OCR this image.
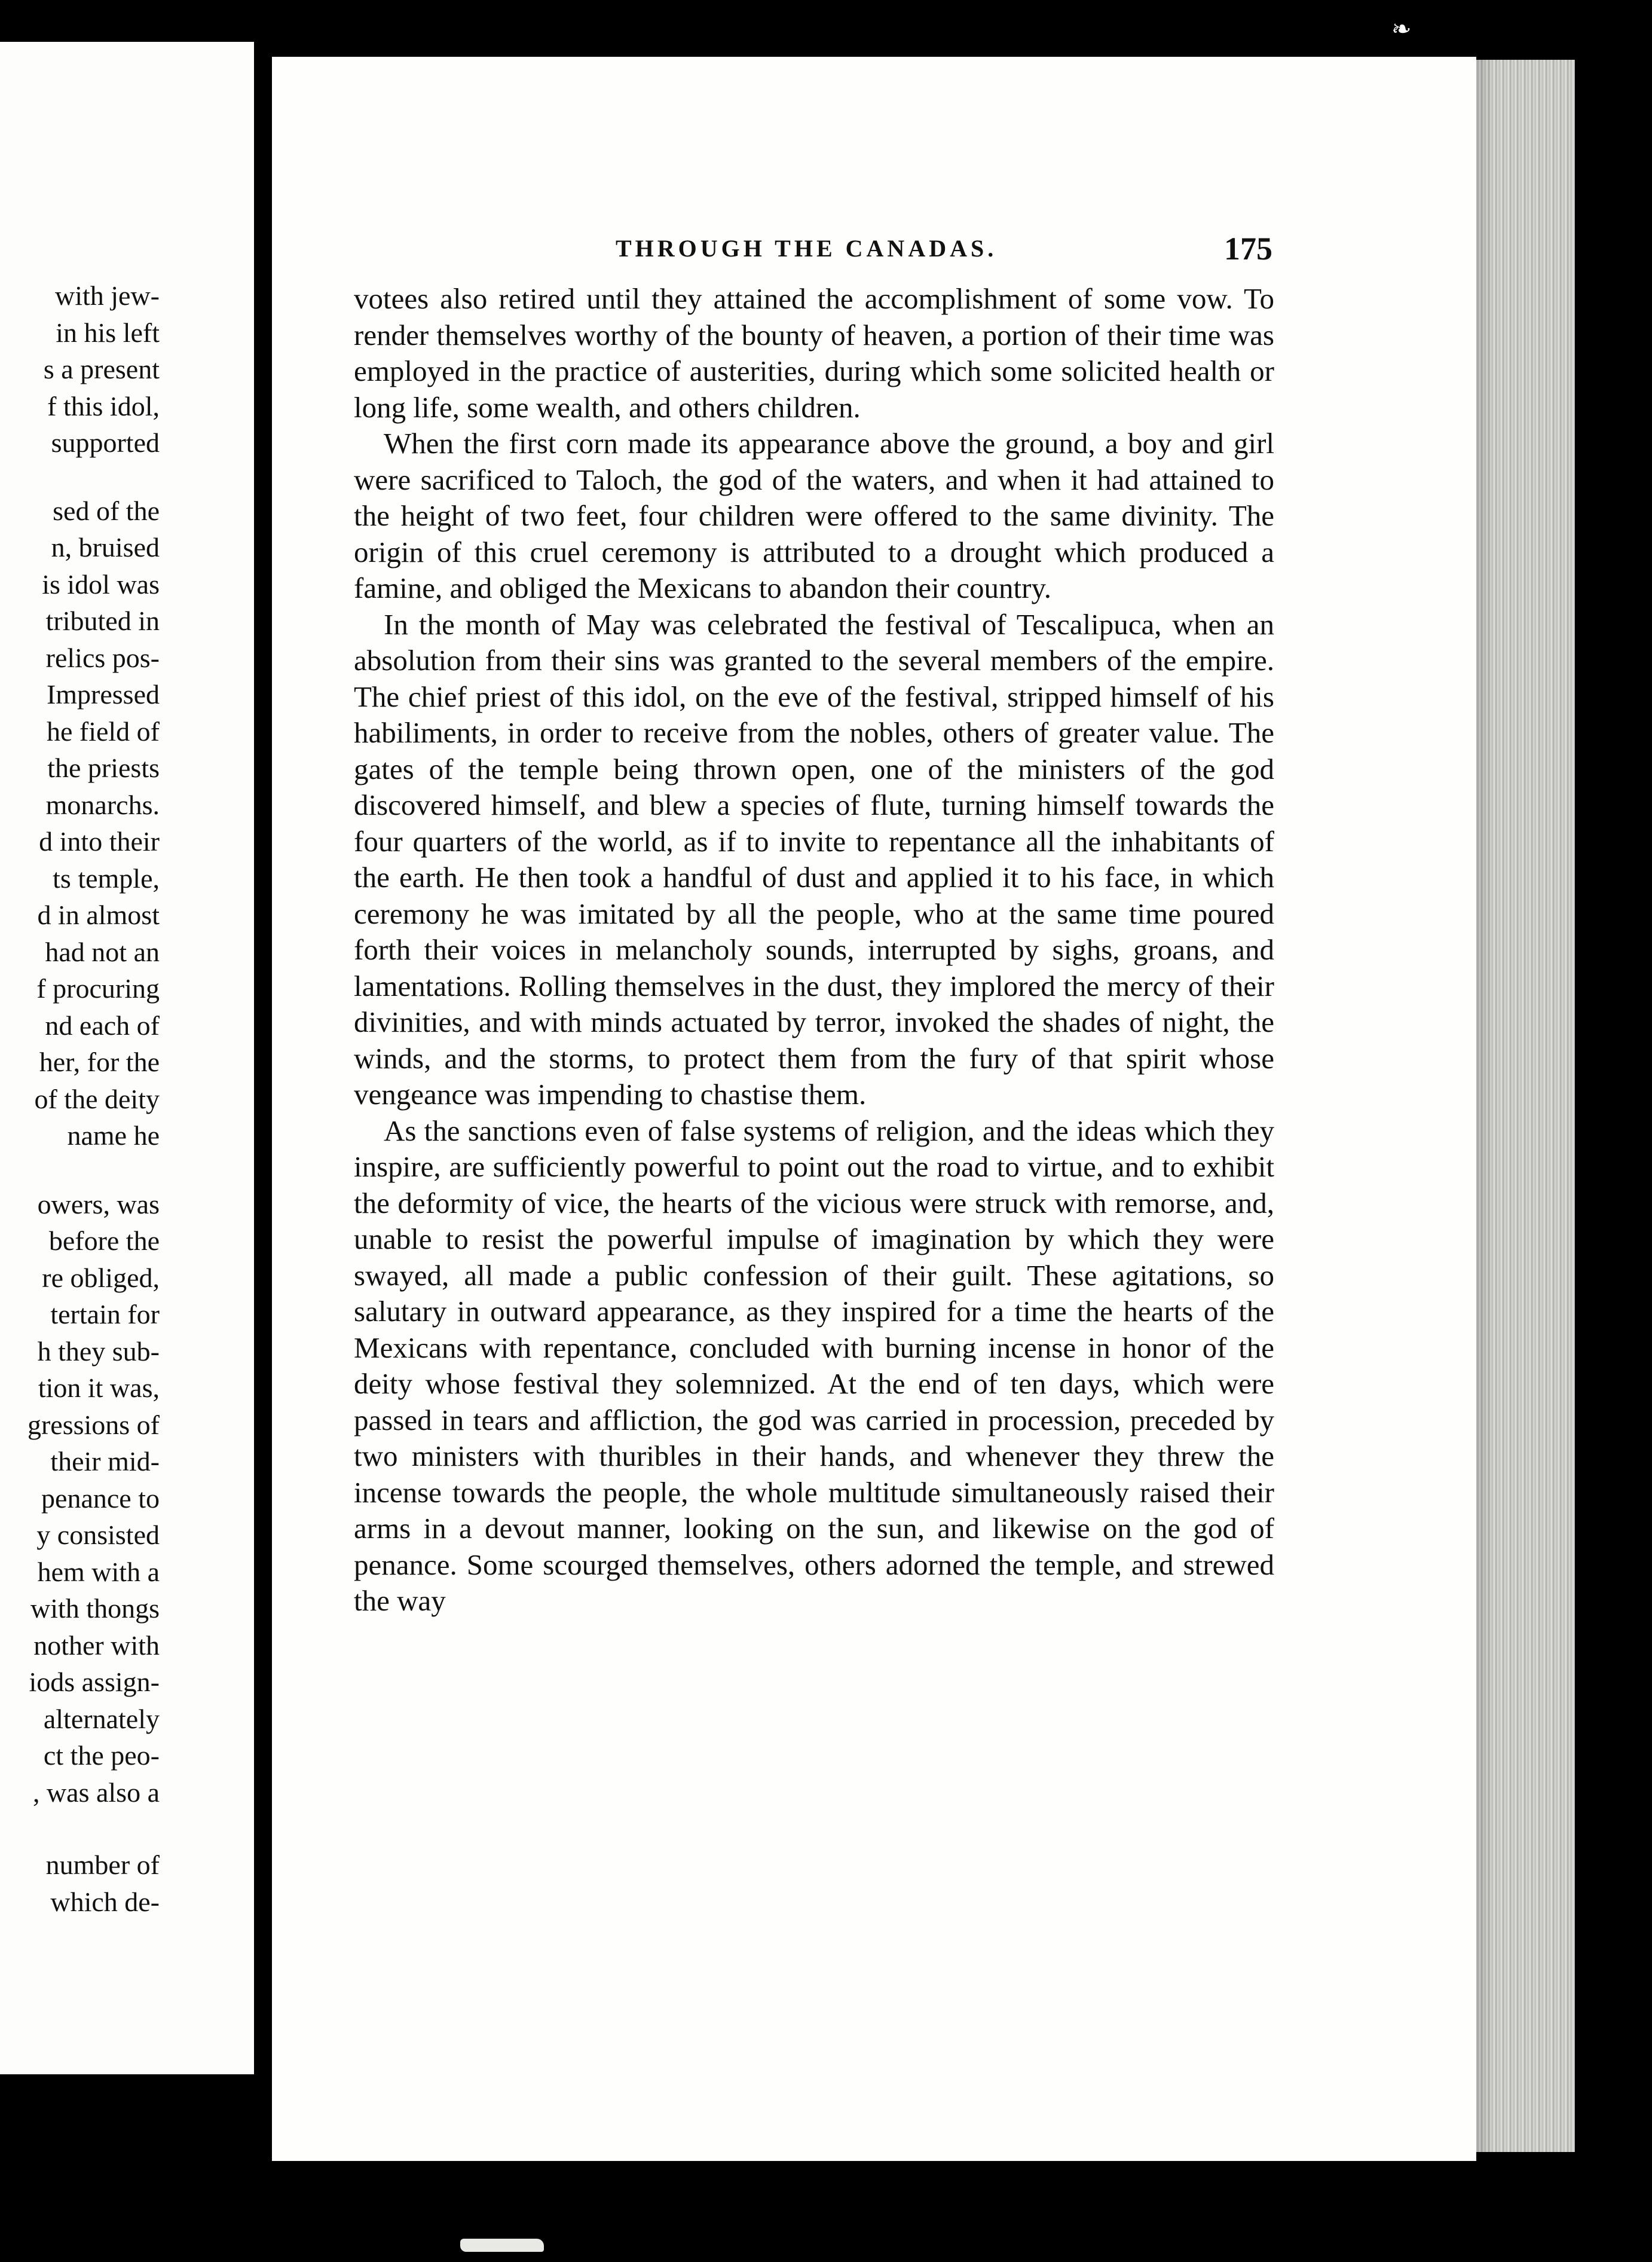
with jew-
in his left
s a present
f this idol,
supported
sed of the
n, bruised
is idol was
tributed in
relics pos-
Impressed
he field of
the priests
monarchs.
d into their
ts temple,
d in almost
had not an
f procuring
nd each of
her, for the
of the deity
name he
owers, was
before the
re obliged,
tertain for
h they sub-
tion it was,
gressions of
their mid-
penance to
y consisted
hem with a
with thongs
nother with
iods assign-
alternately
ct the peo-
, was also a
number of
which de-
❧
THROUGH THE CANADAS.	175

votees also retired until they attained the accomplishment of some vow. To render themselves worthy of the bounty of heaven, a portion of their time was employed in the practice of austerities, during which some solicited health or long life, some wealth, and others children.

When the first corn made its appearance above the ground, a boy and girl were sacrificed to Taloch, the god of the waters, and when it had attained to the height of two feet, four children were offered to the same divinity. The origin of this cruel ceremony is attributed to a drought which produced a famine, and obliged the Mexicans to abandon their country.

In the month of May was celebrated the festival of Tescalipuca, when an absolution from their sins was granted to the several members of the empire. The chief priest of this idol, on the eve of the festival, stripped himself of his habiliments, in order to receive from the nobles, others of greater value. The gates of the temple being thrown open, one of the ministers of the god discovered himself, and blew a species of flute, turning himself towards the four quarters of the world, as if to invite to repentance all the inhabitants of the earth. He then took a handful of dust and applied it to his face, in which ceremony he was imitated by all the people, who at the same time poured forth their voices in melancholy sounds, interrupted by sighs, groans, and lamentations. Rolling themselves in the dust, they implored the mercy of their divinities, and with minds actuated by terror, invoked the shades of night, the winds, and the storms, to protect them from the fury of that spirit whose vengeance was impending to chastise them.

As the sanctions even of false systems of religion, and the ideas which they inspire, are sufficiently powerful to point out the road to virtue, and to exhibit the deformity of vice, the hearts of the vicious were struck with remorse, and, unable to resist the powerful impulse of imagination by which they were swayed, all made a public confession of their guilt. These agitations, so salutary in outward appearance, as they inspired for a time the hearts of the Mexicans with repentance, concluded with burning incense in honor of the deity whose festival they solemnized. At the end of ten days, which were passed in tears and affliction, the god was carried in procession, preceded by two ministers with thuribles in their hands, and whenever they threw the incense towards the people, the whole multitude simultaneously raised their arms in a devout manner, looking on the sun, and likewise on the god of penance. Some scourged themselves, others adorned the temple, and strewed the way
